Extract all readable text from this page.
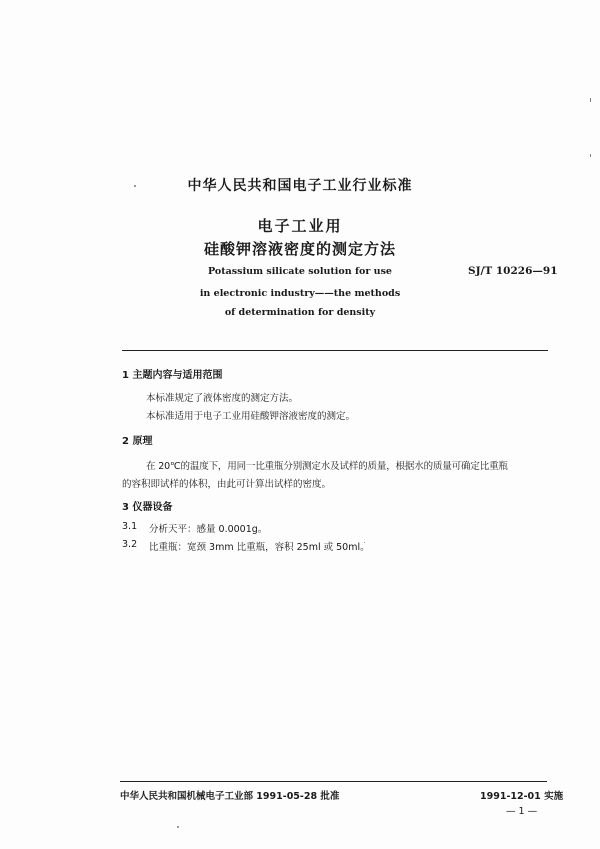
中华人民共和国电子工业行业标准
电子工业用
硅酸钾溶液密度的测定方法
SJ/T 10226—91
Potassium silicate solution for use
in electronic industry——the methods
of determination for density
1 主题内容与适用范围
本标准规定了液体密度的测定方法。
本标准适用于电子工业用硅酸钾溶液密度的测定。
2 原理
在 20℃的温度下，用同一比重瓶分别测定水及试样的质量，根据水的质量可确定比重瓶
的容积即试样的体积，由此可计算出试样的密度。
3 仪器设备
3.1 分析天平：感量 0.0001g。
3.2 比重瓶：宽颈 3mm 比重瓶，容积 25ml 或 50ml。
中华人民共和国机械电子工业部 1991-05-28 批准	1991-12-01 实施
— 1 —
